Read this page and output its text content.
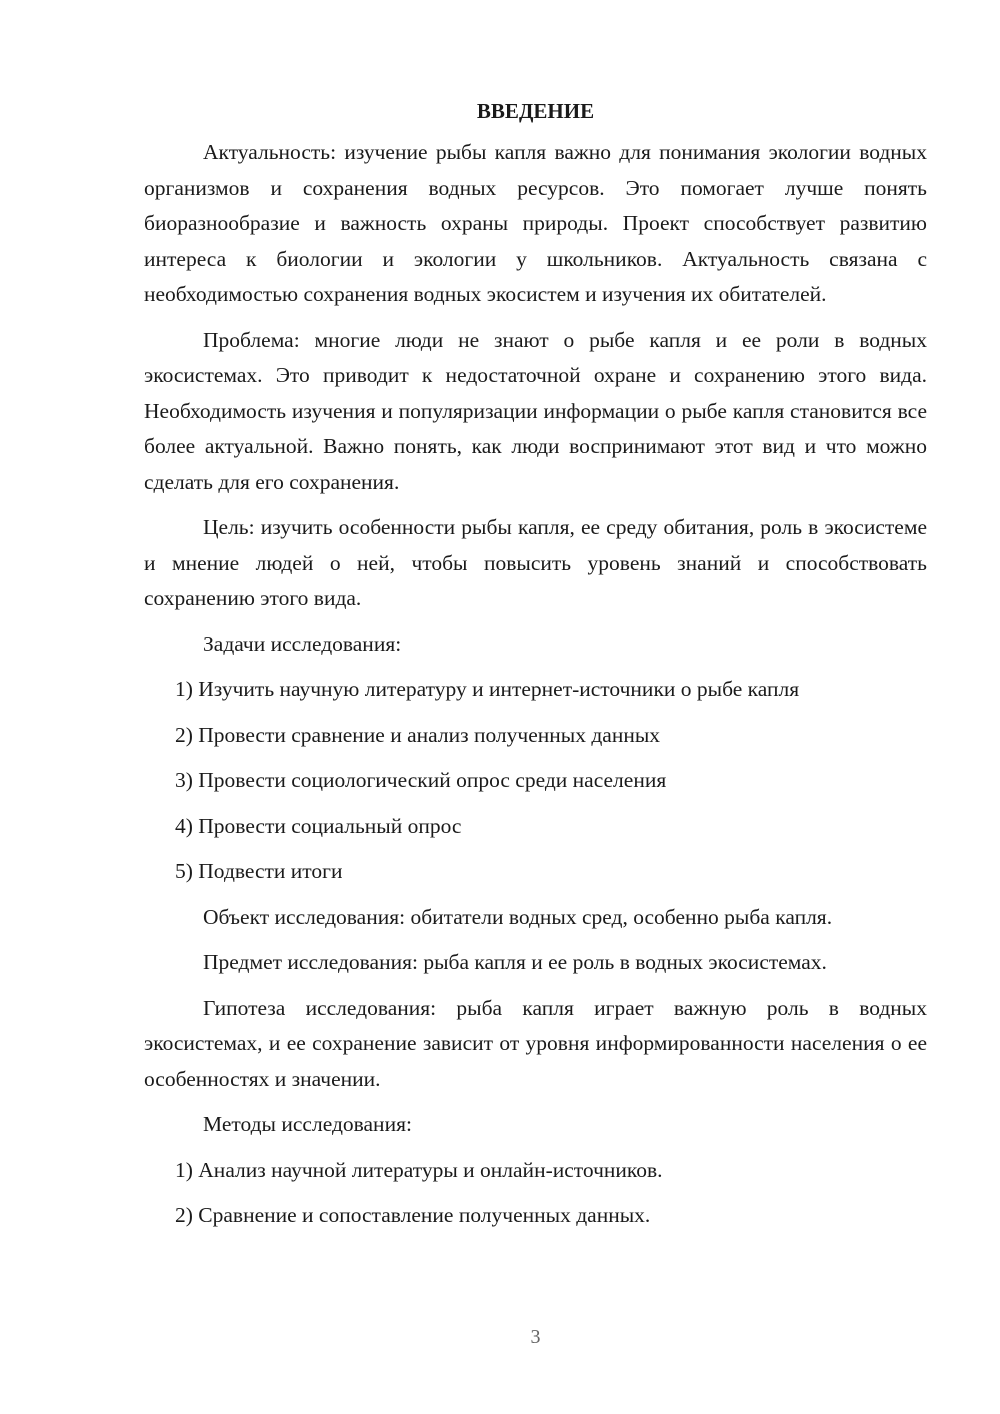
ВВЕДЕНИЕ

Актуальность: изучение рыбы капля важно для понимания экологии водных организмов и сохранения водных ресурсов. Это помогает лучше понять биоразнообразие и важность охраны природы. Проект способствует развитию интереса к биологии и экологии у школьников. Актуальность связана с необходимостью сохранения водных экосистем и изучения их обитателей.

Проблема: многие люди не знают о рыбе капля и ее роли в водных экосистемах. Это приводит к недостаточной охране и сохранению этого вида. Необходимость изучения и популяризации информации о рыбе капля становится все более актуальной. Важно понять, как люди воспринимают этот вид и что можно сделать для его сохранения.

Цель: изучить особенности рыбы капля, ее среду обитания, роль в экосистеме и мнение людей о ней, чтобы повысить уровень знаний и способствовать сохранению этого вида.

Задачи исследования:

1) Изучить научную литературу и интернет-источники о рыбе капля
2) Провести сравнение и анализ полученных данных
3) Провести социологический опрос среди населения
4) Провести социальный опрос
5) Подвести итоги

Объект исследования: обитатели водных сред, особенно рыба капля.

Предмет исследования: рыба капля и ее роль в водных экосистемах.

Гипотеза исследования: рыба капля играет важную роль в водных экосистемах, и ее сохранение зависит от уровня информированности населения о ее особенностях и значении.

Методы исследования:

1) Анализ научной литературы и онлайн-источников.
2) Сравнение и сопоставление полученных данных.
3
